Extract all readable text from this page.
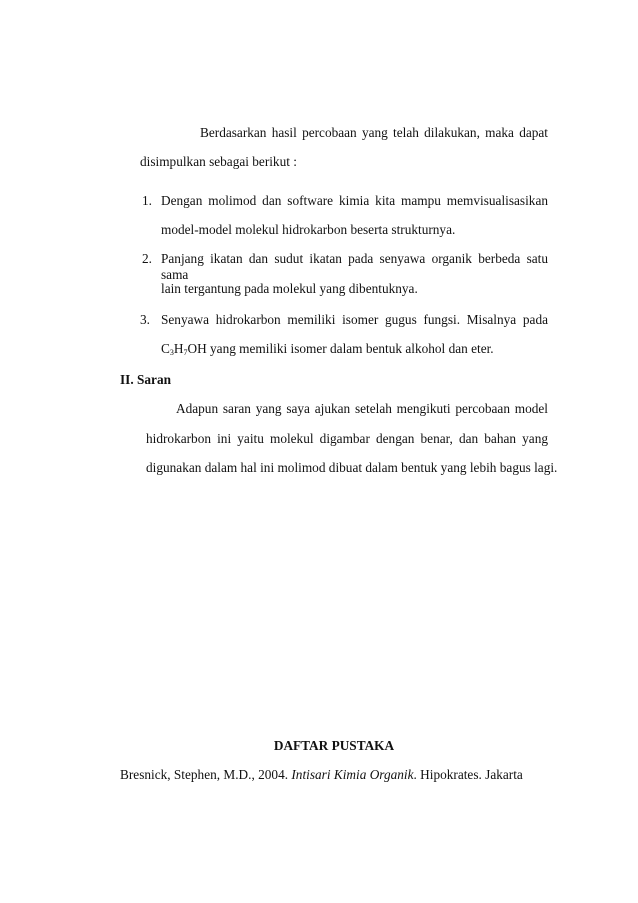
Berdasarkan hasil percobaan yang telah dilakukan, maka dapat
disimpulkan sebagai berikut :
1. Dengan molimod dan software kimia kita mampu memvisualisasikan
model-model molekul hidrokarbon beserta strukturnya.
2. Panjang ikatan dan sudut ikatan pada senyawa organik berbeda satu sama
lain tergantung pada molekul yang dibentuknya.
3. Senyawa hidrokarbon memiliki isomer gugus fungsi. Misalnya pada
$C_3H_7OH$ yang memiliki isomer dalam bentuk alkohol dan eter.
II. Saran
Adapun saran yang saya ajukan setelah mengikuti percobaan model
hidrokarbon ini yaitu molekul digambar dengan benar, dan bahan yang
digunakan dalam hal ini molimod dibuat dalam bentuk yang lebih bagus lagi.
DAFTAR PUSTAKA
Bresnick, Stephen, M.D., 2004. Intisari Kimia Organik. Hipokrates. Jakarta
